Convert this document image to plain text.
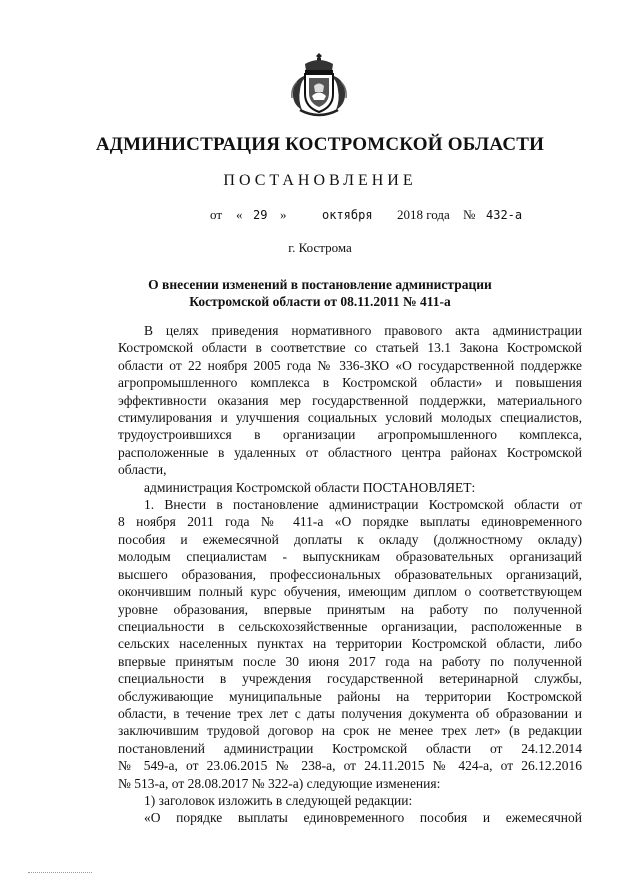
АДМИНИСТРАЦИЯ КОСТРОМСКОЙ ОБЛАСТИ
ПОСТАНОВЛЕНИЕ
от « 29 »	октября 2018 года № 432-а
г. Кострома
О внесении изменений в постановление администрации
Костромской области от 08.11.2011 № 411-а

В целях приведения нормативного правового акта администрации

Костромской области в соответствие со статьей 13.1 Закона Костромской

области от 22 ноября 2005 года № 336-ЗКО «О государственной поддержке

агропромышленного комплекса в Костромской области» и повышения

эффективности оказания мер государственной поддержки, материального

стимулирования и улучшения социальных условий молодых специалистов,

трудоустроившихся в организации агропромышленного комплекса,

расположенные в удаленных от областного центра районах Костромской

области,

администрация Костромской области ПОСТАНОВЛЯЕТ:

1. Внести в постановление администрации Костромской области от

8 ноября 2011 года № 411-а «О порядке выплаты единовременного

пособия и ежемесячной доплаты к окладу (должностному окладу)

молодым специалистам - выпускникам образовательных организаций

высшего образования, профессиональных образовательных организаций,

окончившим полный курс обучения, имеющим диплом о соответствующем

уровне образования, впервые принятым на работу по полученной

специальности в сельскохозяйственные организации, расположенные в

сельских населенных пунктах на территории Костромской области, либо

впервые принятым после 30 июня 2017 года на работу по полученной

специальности в учреждения государственной ветеринарной службы,

обслуживающие муниципальные районы на территории Костромской

области, в течение трех лет с даты получения документа об образовании и

заключившим трудовой договор на срок не менее трех лет» (в редакции

постановлений администрации Костромской области от 24.12.2014

№ 549-а, от 23.06.2015 № 238-а, от 24.11.2015 № 424-а, от 26.12.2016

№ 513-а, от 28.08.2017 № 322-а) следующие изменения:

1) заголовок изложить в следующей редакции:

«О порядке выплаты единовременного пособия и ежемесячной
